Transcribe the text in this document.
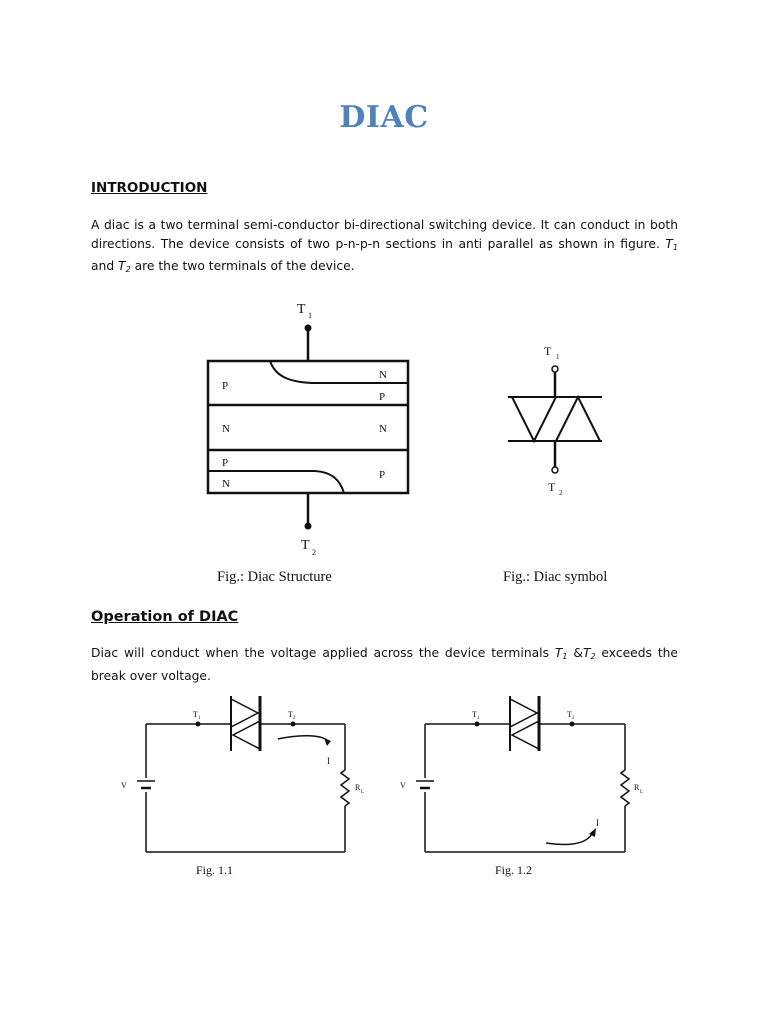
DIAC
INTRODUCTION
A diac is a two terminal semi-conductor bi-directional switching device. It can conduct in both directions. The device consists of two p-n-p-n sections in anti parallel as shown in figure. $T_1$ and $T_2$ are the two terminals of the device.
Operation of DIAC
Diac will conduct when the voltage applied across the device terminals $T_1$ $\&T_2$ exceeds the break over voltage.
T 1
T 2
P
N
P
N	N
P
N
P
Fig.: Diac Structure
T 1
T 2
Fig.: Diac symbol
V	R
L
T 1	T 2
I
Fig. 1.1
V	R
L
T 1	T 2
I
Fig. 1.2
